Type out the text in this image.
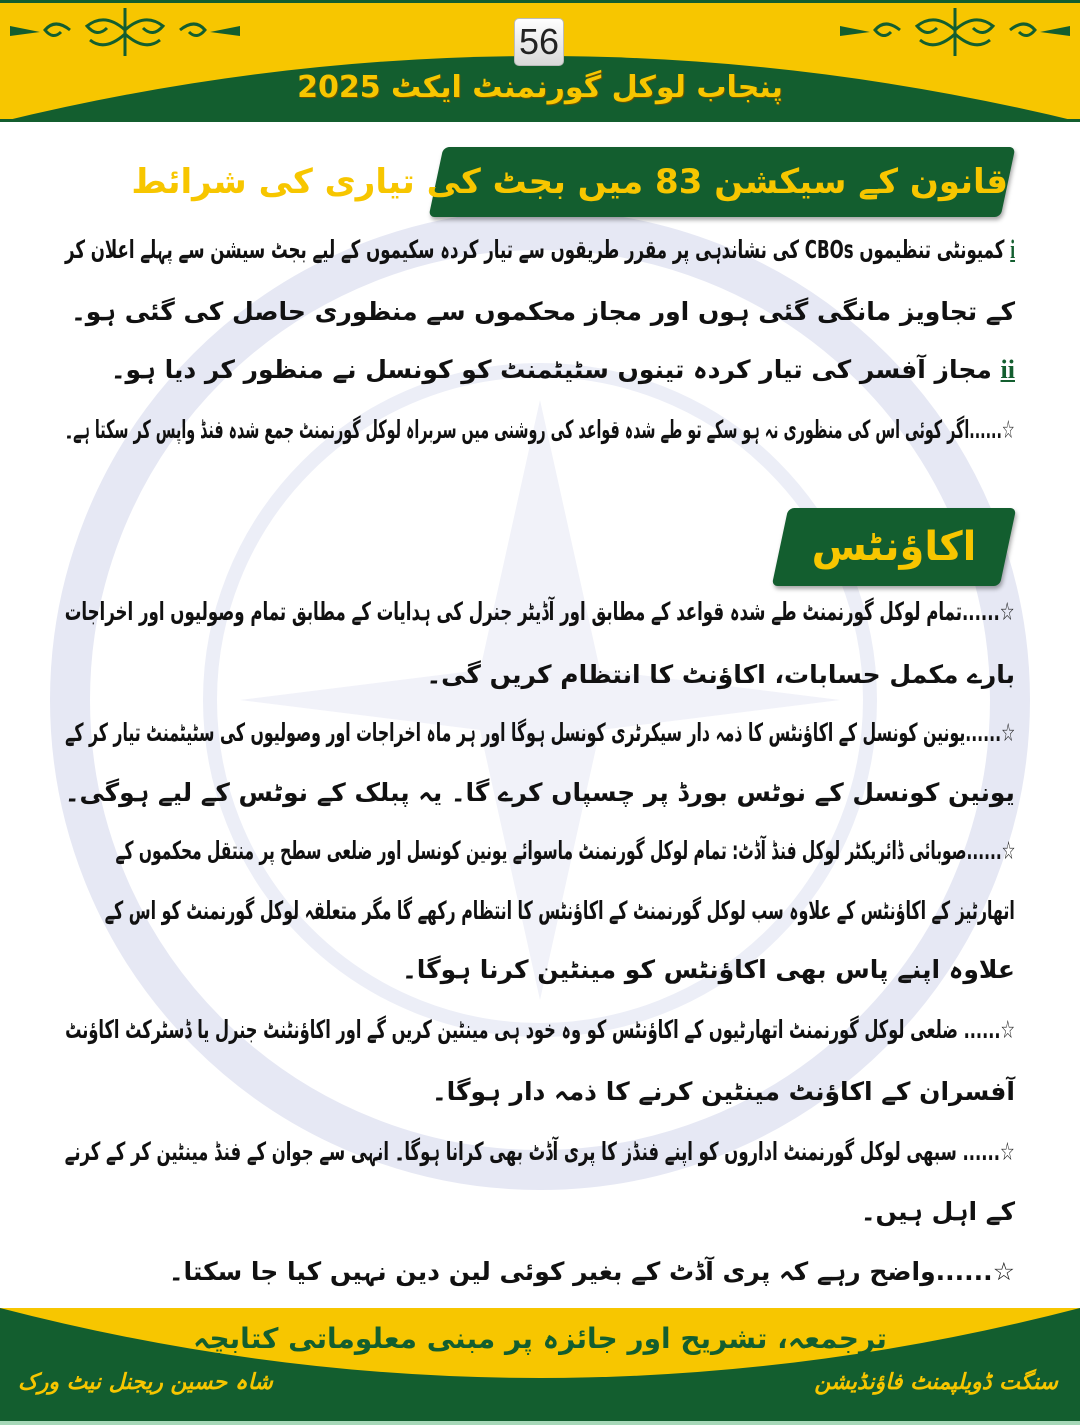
56
پنجاب لوکل گورنمنٹ ایکٹ 2025
قانون کے سیکشن 83 میں بجٹ کی تیاری کی شرائط
i کمیونٹی تنظیموں CBOs کی نشاندہی پر مقرر طریقوں سے تیار کردہ سکیموں کے لیے بجٹ سیشن سے پہلے اعلان کر
کے تجاویز مانگی گئی ہوں اور مجاز محکموں سے منظوری حاصل کی گئی ہو۔
ii مجاز آفسر کی تیار کردہ تینوں سٹیٹمنٹ کو کونسل نے منظور کر دیا ہو۔
☆......اگر کوئی اس کی منظوری نہ ہو سکے تو طے شدہ قواعد کی روشنی میں سربراہ لوکل گورنمنٹ جمع شدہ فنڈ واپس کر سکتا ہے۔
اکاؤنٹس
☆......تمام لوکل گورنمنٹ طے شدہ قواعد کے مطابق اور آڈیٹر جنرل کی ہدایات کے مطابق تمام وصولیوں اور اخراجات
بارے مکمل حسابات، اکاؤنٹ کا انتظام کریں گی۔
☆......یونین کونسل کے اکاؤنٹس کا ذمہ دار سیکرٹری کونسل ہوگا اور ہر ماہ اخراجات اور وصولیوں کی سٹیٹمنٹ تیار کر کے
یونین کونسل کے نوٹس بورڈ پر چسپاں کرے گا۔ یہ پبلک کے نوٹس کے لیے ہوگی۔
☆......صوبائی ڈائریکٹر لوکل فنڈ آڈٹ: تمام لوکل گورنمنٹ ماسوائے یونین کونسل اور ضلعی سطح پر منتقل محکموں کے
اتھارٹیز کے اکاؤنٹس کے علاوہ سب لوکل گورنمنٹ کے اکاؤنٹس کا انتظام رکھے گا مگر متعلقہ لوکل گورنمنٹ کو اس کے
علاوہ اپنے پاس بھی اکاؤنٹس کو مینٹین کرنا ہوگا۔
☆...... ضلعی لوکل گورنمنٹ اتھارٹیوں کے اکاؤنٹس کو وہ خود ہی مینٹین کریں گے اور اکاؤنٹنٹ جنرل یا ڈسٹرکٹ اکاؤنٹ
آفسران کے اکاؤنٹ مینٹین کرنے کا ذمہ دار ہوگا۔
☆...... سبھی لوکل گورنمنٹ اداروں کو اپنے فنڈز کا پری آڈٹ بھی کرانا ہوگا۔ انہی سے جوان کے فنڈ مینٹین کر کے کرنے
کے اہل ہیں۔
☆......واضح رہے کہ پری آڈٹ کے بغیر کوئی لین دین نہیں کیا جا سکتا۔
ترجمعہ، تشریح اور جائزہ پر مبنی معلوماتی کتابچہ
شاہ حسین ریجنل نیٹ ورک	سنگت ڈویلپمنٹ فاؤنڈیشن
